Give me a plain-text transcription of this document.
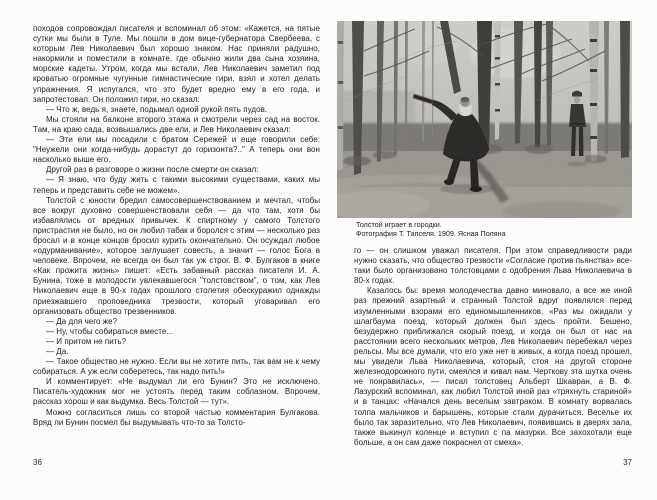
походов сопровождал писателя и вспоминал об этом: «Кажется, на пятые сутки мы были в Туле. Мы пошли в дом вице-губернатора Свербеева, с которым Лев Николаевич был хорошо знаком. Нас приняли радушно, накормили и поместили в комнате, где обычно жили два сына хозяина, морские кадеты. Утром, когда мы встали, Лев Николаевич заметил под кроватью огромные чугунные гимнастические гири, взял и хотел делать упражнения. Я испугался, что это будет вредно ему в его года, и запротестовал. Он положил гири, но сказал:

— Что ж, ведь я, знаете, подымал одной рукой пять пудов.

Мы стояли на балконе второго этажа и смотрели через сад на восток. Там, на краю сада, возвышались две ели, и Лев Николаевич сказал:

— Эти ели мы посадили с братом Сережей и еще говорили себе: "Неужели они когда-нибудь дорастут до горизонта?.." А теперь они вон насколько выше его.

Другой раз в разговоре о жизни после смерти он сказал:

— Я знаю, что буду жить с такими высокими существами, каких мы теперь и представить себе не можем».

Толстой с юности бредил самосовершенствованием и мечтал, чтобы все вокруг духовно совершенствовали себя — да что там, хотя бы избавлялись от вредных привычек. К спиртному у самого Толстого пристрастия не было, но он любил табак и боролся с этим — несколько раз бросал и в конце концов бросил курить окончательно. Он осуждал любое «одурманивание», которое заглушает совесть, а значит — голос Бога в человеке. Впрочем, не всегда он был так уж строг. В. Ф. Булгаков в книге «Как прожита жизнь» пишет: «Есть забавный рассказ писателя И. А. Бунина, тоже в молодости увлекавшегося "толстовством", о том, как Лев Николаевич еще в 90-х годах прошлого столетия обескуражил однажды приезжавшего проповедника трезвости, который уговаривал его организовать общество трезвенников.

— Да для чего же?

— Ну, чтобы собираться вместе...

— И притом не пить?

— Да.

— Такое общество не нужно. Если вы не хотите пить, так вам не к чему собираться. А уж если соберетесь, так надо пить!»

И комментирует: «Не выдумал ли его Бунин? Это не исключено. Писатель-художник мог не устоять перед таким соблазном. Впрочем, рассказ хорош и как выдумка. Весь Толстой — тут».

Можно согласиться лишь со второй частью комментария Булгакова. Вряд ли Бунин посмел бы выдумывать что-то за Толсто-

36
Толстой играет в городки.
Фотография Т. Тапселя. 1909. Ясная Поляна

го — он слишком уважал писателя. При этом справедливости ради нужно сказать, что общество трезвости «Согласие против пьянства» все-таки было организовано толстовцами с одобрения Льва Николаевича в 80-х годах.

Казалось бы: время молодечества давно миновало, а все же иной раз прежний азартный и странный Толстой вдруг появлялся перед изумленными взорами его единомышленников. «Раз мы ожидали у шлагбаума поезд, который должен был здесь пройти. Бешено, безудержно приближался скорый поезд, и когда он был от нас на расстоянии всего нескольких метров, Лев Николаевич перебежал через рельсы. Мы все думали, что его уже нет в живых, а когда поезд прошел, мы увидели Льва Николаевича, который, стоя на другой стороне железнодорожного пути, смеялся и кивал нам. Черткову эта шутка очень не понравилась», — писал толстовец Альберт Шкавран, а В. Ф. Лазурский вспоминал, как любил Толстой иной раз «тряхнуть стариной» и в танцах: «Начался день веселым завтраком. В комнату ворвалась толпа мальчиков и барышень, которые стали дурачиться. Веселье их было так заразительно, что Лев Николаевич, появившись в дверях зала, также выкинул коленце и вступил с па мазурки. Все захохотали еще больше, а он сам даже покраснел от смеха».

37
